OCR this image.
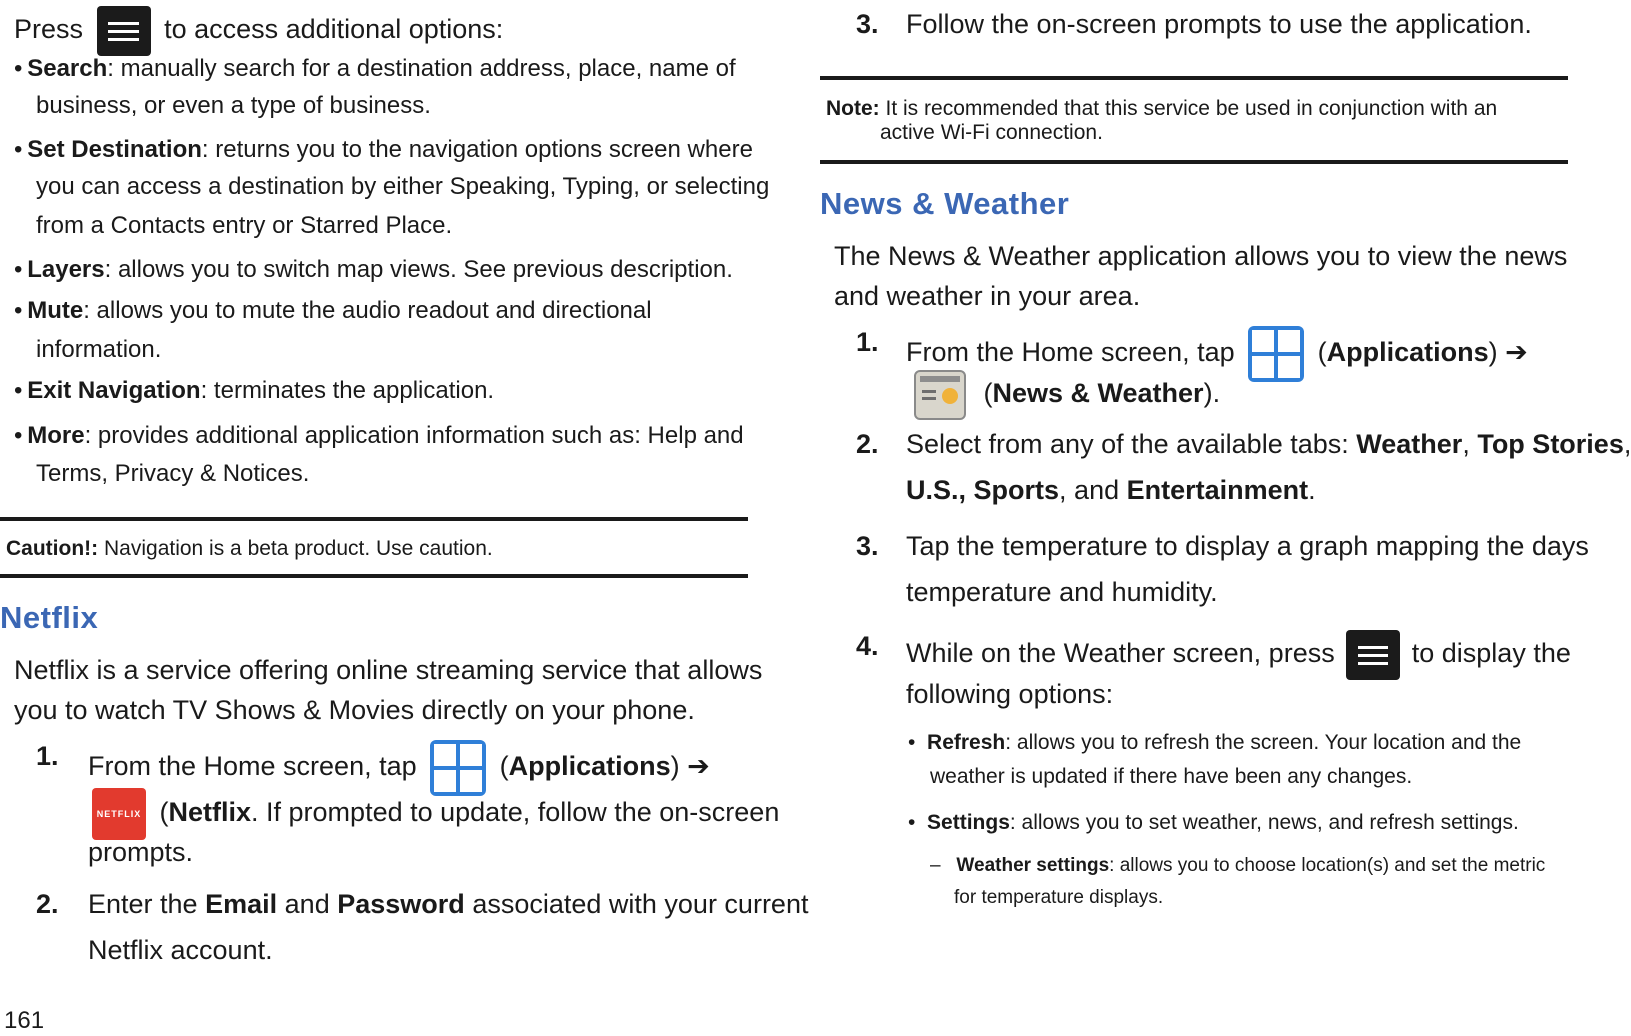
Press	to access additional options:
• Search: manually search for a destination address, place, name of
business, or even a type of business.
• Set Destination: returns you to the navigation options screen where
you can access a destination by either Speaking, Typing, or selecting
from a Contacts entry or Starred Place.
• Layers: allows you to switch map views. See previous description.
• Mute: allows you to mute the audio readout and directional
information.
• Exit Navigation: terminates the application.
• More: provides additional application information such as: Help and
Terms, Privacy & Notices.
Caution!: Navigation is a beta product. Use caution.
Netflix
Netflix is a service offering online streaming service that allows
you to watch TV Shows & Movies directly on your phone.
1. From the Home screen, tap	(Applications) ➔
NETFLIX (Netflix. If prompted to update, follow the on-screen
prompts.
2. Enter the Email and Password associated with your current
Netflix account.
161
3. Follow the on-screen prompts to use the application.
Note: It is recommended that this service be used in conjunction with an
active Wi-Fi connection.
News & Weather
The News & Weather application allows you to view the news
and weather in your area.
1. From the Home screen, tap	(Applications) ➔
(News & Weather).
2. Select from any of the available tabs: Weather, Top Stories,
U.S., Sports, and Entertainment.
3. Tap the temperature to display a graph mapping the days
temperature and humidity.
4. While on the Weather screen, press	to display the
following options:
•  Refresh: allows you to refresh the screen. Your location and the
weather is updated if there have been any changes.
•  Settings: allows you to set weather, news, and refresh settings.
–   Weather settings: allows you to choose location(s) and set the metric
for temperature displays.
